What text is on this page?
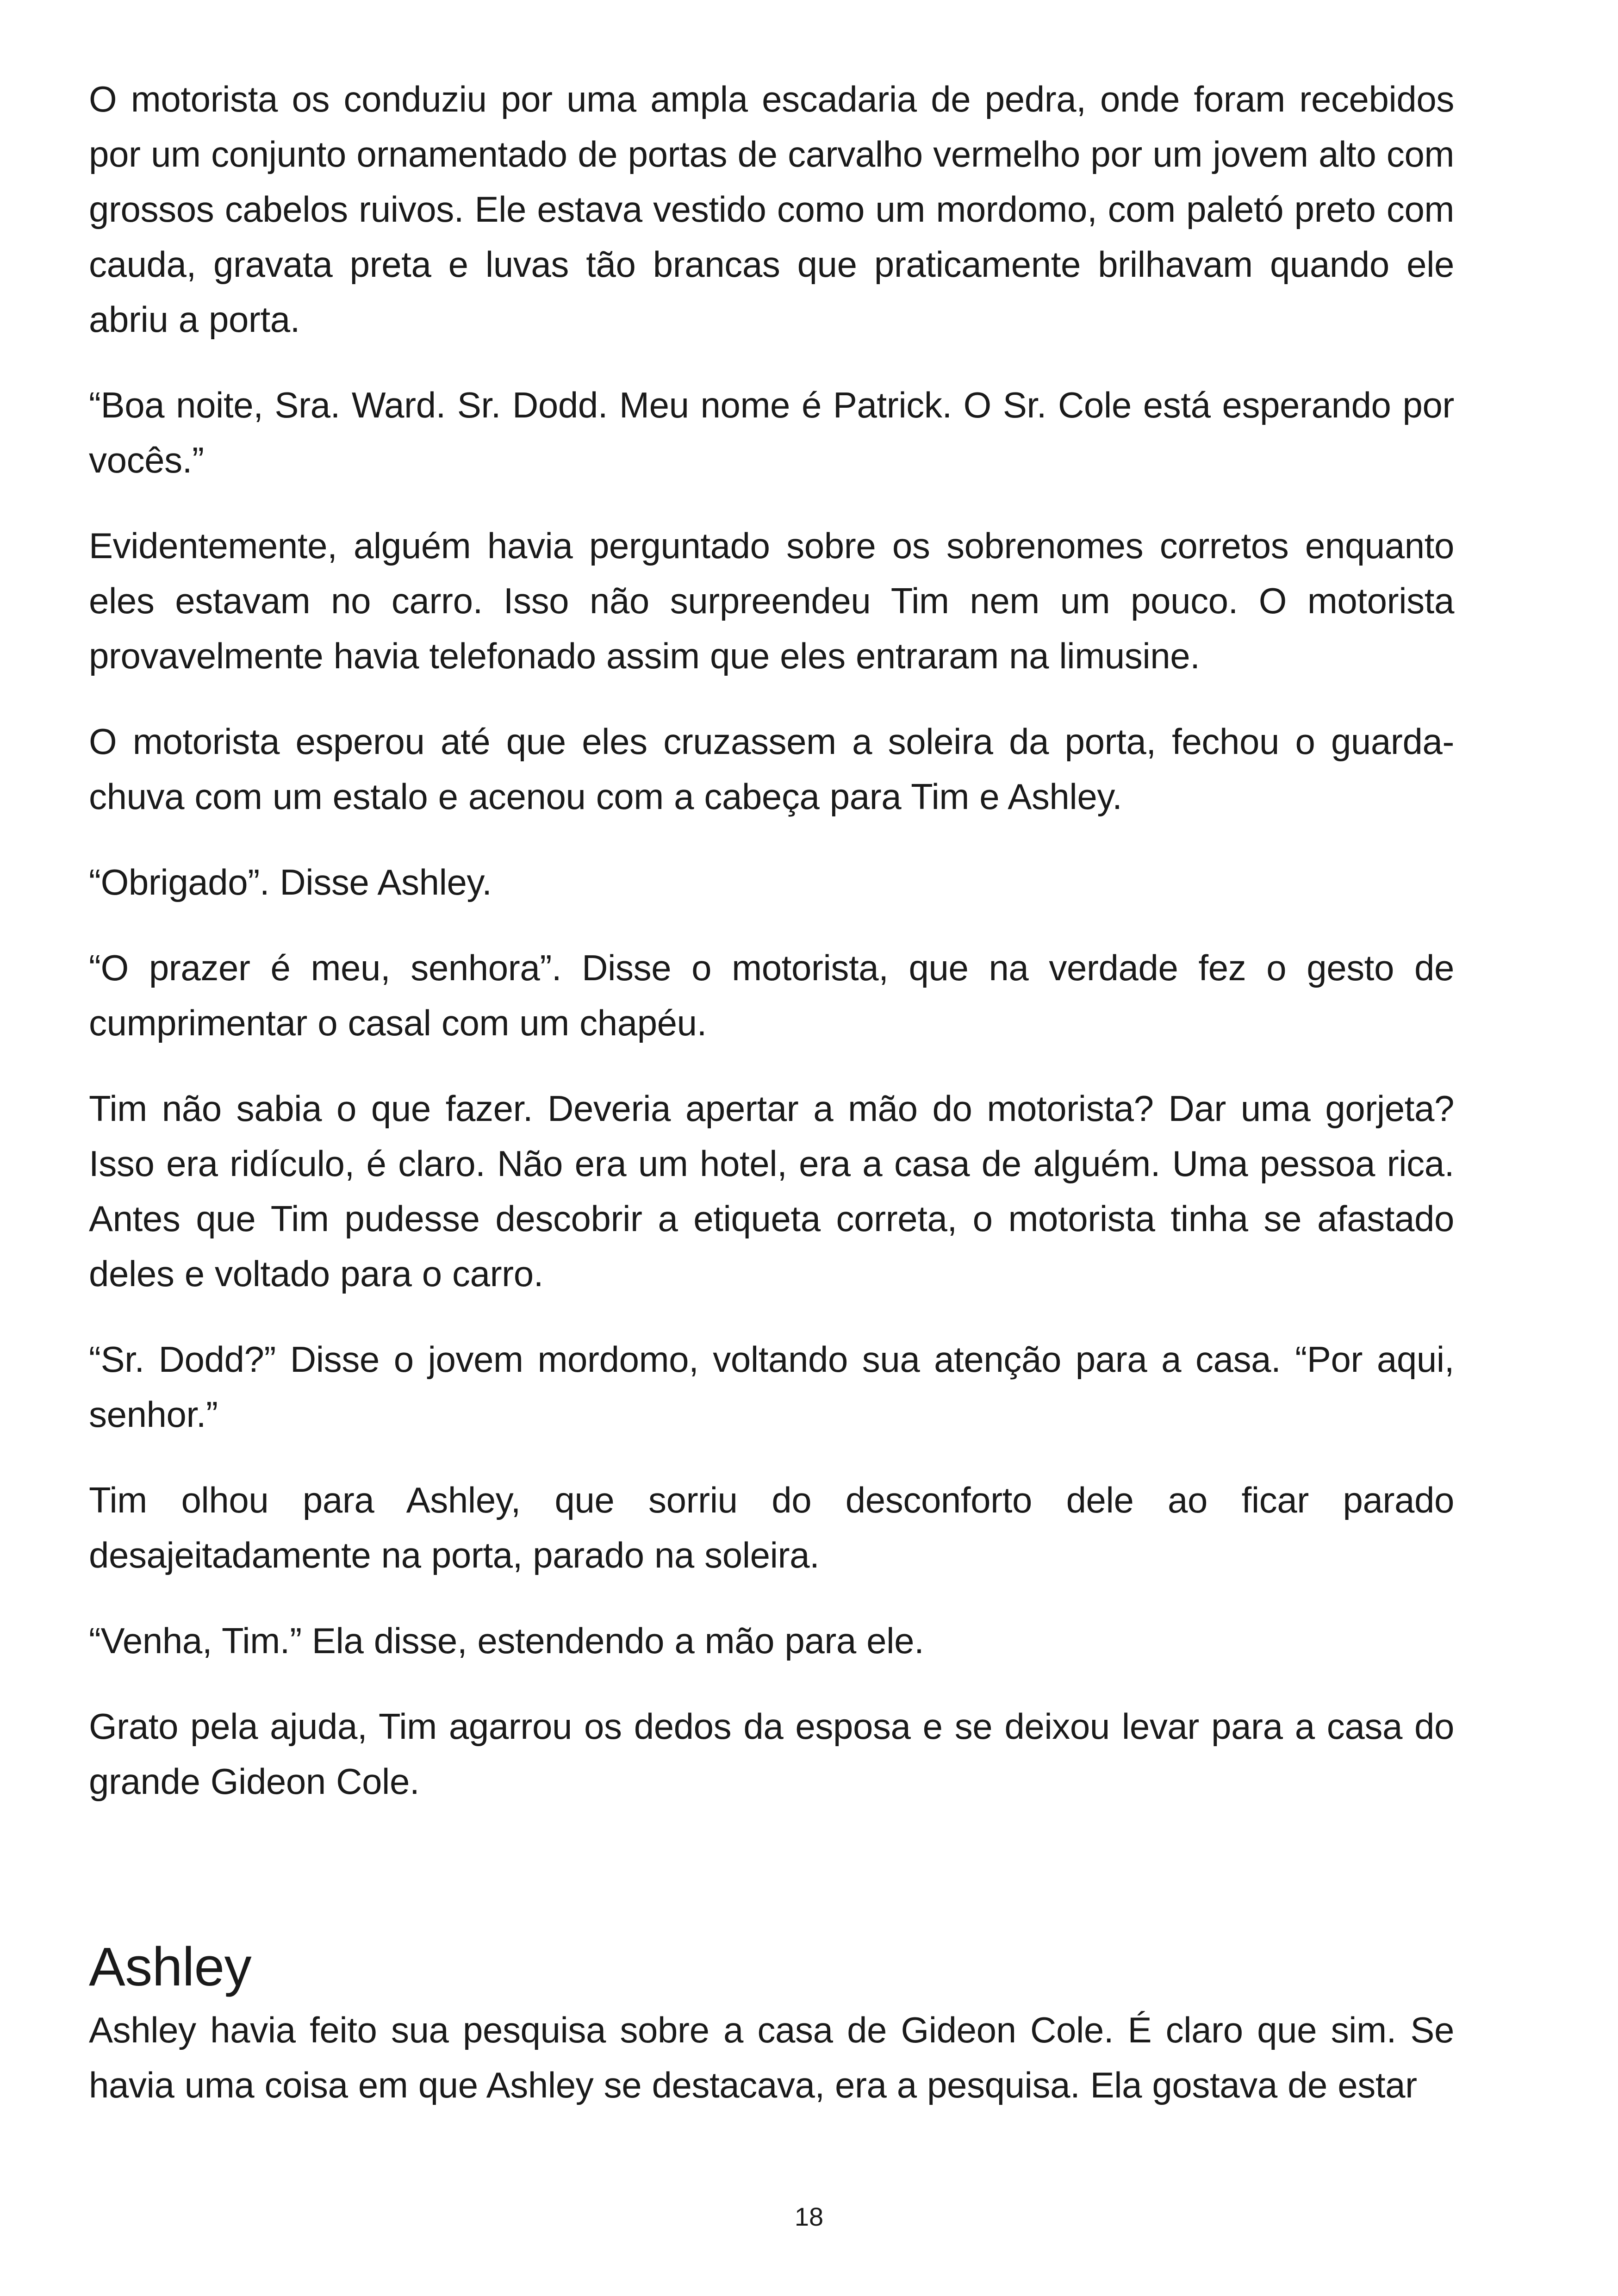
O motorista os conduziu por uma ampla escadaria de pedra, onde foram recebidos por um conjunto ornamentado de portas de carvalho vermelho por um jovem alto com grossos cabelos ruivos. Ele estava vestido como um mordomo, com paletó preto com cauda, gravata preta e luvas tão brancas que praticamente brilhavam quando ele abriu a porta.

“Boa noite, Sra. Ward. Sr. Dodd. Meu nome é Patrick. O Sr. Cole está esperando por vocês.”

Evidentemente, alguém havia perguntado sobre os sobrenomes corretos enquanto eles estavam no carro. Isso não surpreendeu Tim nem um pouco. O motorista provavelmente havia telefonado assim que eles entraram na limusine.

O motorista esperou até que eles cruzassem a soleira da porta, fechou o guarda-chuva com um estalo e acenou com a cabeça para Tim e Ashley.

“Obrigado”. Disse Ashley.

“O prazer é meu, senhora”. Disse o motorista, que na verdade fez o gesto de cumprimentar o casal com um chapéu.

Tim não sabia o que fazer. Deveria apertar a mão do motorista? Dar uma gorjeta? Isso era ridículo, é claro. Não era um hotel, era a casa de alguém. Uma pessoa rica. Antes que Tim pudesse descobrir a etiqueta correta, o motorista tinha se afastado deles e voltado para o carro.

“Sr. Dodd?” Disse o jovem mordomo, voltando sua atenção para a casa. “Por aqui, senhor.”

Tim olhou para Ashley, que sorriu do desconforto dele ao ficar parado desajeitadamente na porta, parado na soleira.

“Venha, Tim.” Ela disse, estendendo a mão para ele.

Grato pela ajuda, Tim agarrou os dedos da esposa e se deixou levar para a casa do grande Gideon Cole.

Ashley

Ashley havia feito sua pesquisa sobre a casa de Gideon Cole. É claro que sim. Se havia uma coisa em que Ashley se destacava, era a pesquisa. Ela gostava de estar

18
